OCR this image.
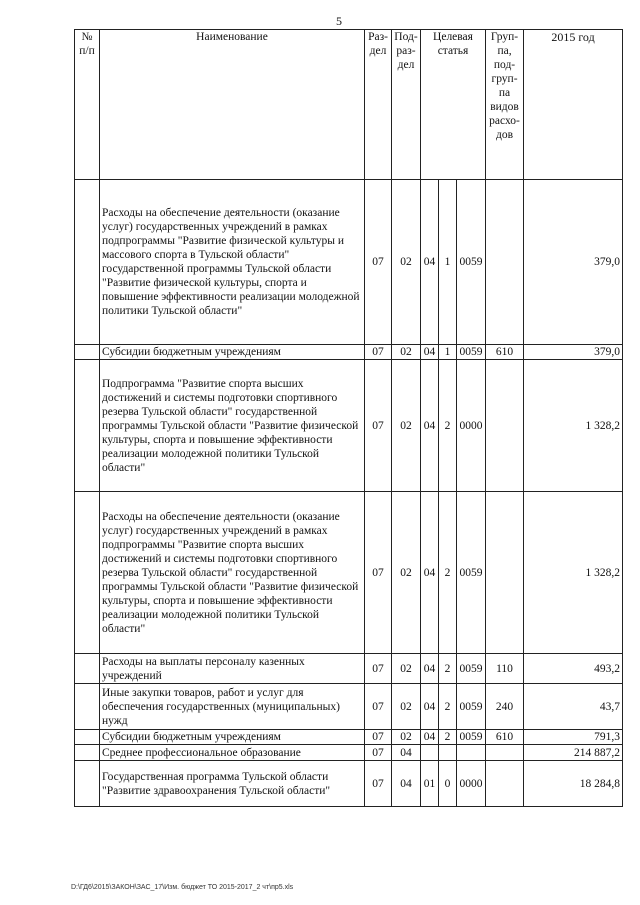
5
№ п/п	Наименование	Раз-дел	Под-раз-дел	Целевая статья			Груп-па, под-груп-па видов расхо-дов	2015 год
	Расходы на обеспечение деятельности (оказание услуг) государственных учреждений в рамках подпрограммы "Развитие физической культуры и массового спорта в Тульской области" государственной программы Тульской области "Развитие физической культуры, спорта и повышение эффективности реализации молодежной политики Тульской области"	07	02	04	1	0059		379,0
	Субсидии бюджетным учреждениям	07	02	04	1	0059	610	379,0
	Подпрограмма "Развитие спорта высших достижений и системы подготовки спортивного резерва Тульской области" государственной программы Тульской области "Развитие физической культуры, спорта и повышение эффективности реализации молодежной политики Тульской области"	07	02	04	2	0000		1 328,2
	Расходы на обеспечение деятельности (оказание услуг) государственных учреждений в рамках подпрограммы "Развитие спорта высших достижений и системы подготовки спортивного резерва Тульской области" государственной программы Тульской области "Развитие физической культуры, спорта и повышение эффективности реализации молодежной политики Тульской области"	07	02	04	2	0059		1 328,2
	Расходы на выплаты персоналу казенных учреждений	07	02	04	2	0059	110	493,2
	Иные закупки товаров, работ и услуг для обеспечения государственных (муниципальных) нужд	07	02	04	2	0059	240	43,7
	Субсидии бюджетным учреждениям	07	02	04	2	0059	610	791,3
	Среднее профессиональное образование	07	04					214 887,2
	Государственная программа Тульской области "Развитие здравоохранения Тульской области"	07	04	01	0	0000		18 284,8
D:\ГД6\2015\ЗАКОН\ЗАС_17\Изм. бюджет ТО 2015-2017_2 чт\пр5.xls
